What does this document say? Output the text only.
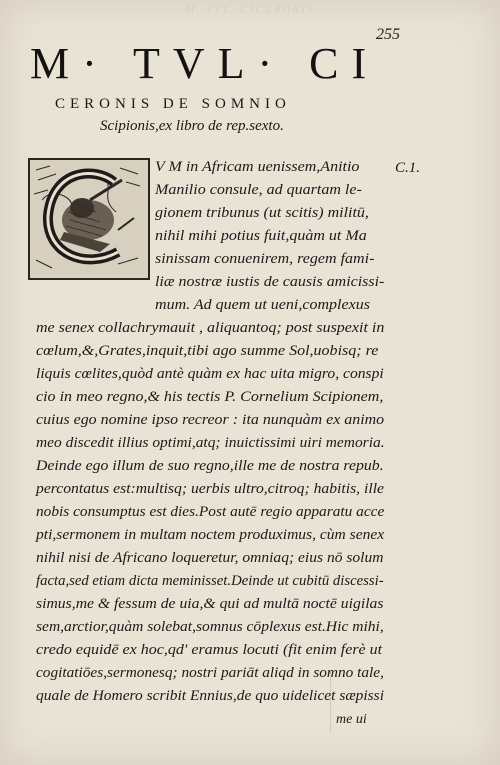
M. TVL. CICERONIS
255
M· TVL· CI
CERONIS DE SOMNIO
Scipionis,ex libro de rep.sexto.
C.1.
V M in Africam uenissem,Anitio
Manilio consule, ad quartam le-
gionem tribunus (ut scitis) militū,
nihil mihi potius fuit,quàm ut Ma
sinissam conuenirem, regem fami-
liæ nostræ iustis de causis amicissi-
mum. Ad quem ut ueni,complexus
me senex collachrymauit , aliquantoq; post suspexit in
cœlum,&,Grates,inquit,tibi ago summe Sol,uobisq; re
liquis cœlites,quòd antè quàm ex hac uita migro, conspi
cio in meo regno,& his tectis P. Cornelium Scipionem,
cuius ego nomine ipso recreor : ita nunquàm ex animo
meo discedit illius optimi,atq; inuictissimi uiri memoria.
Deinde ego illum de suo regno,ille me de nostra repub.
percontatus est:multisq; uerbis ultro,citroq; habitis, ille
nobis consumptus est dies.Post autē regio apparatu acce
pti,sermonem in multam noctem produximus, cùm senex
nihil nisi de Africano loqueretur, omniaq; eius nō solum
facta,sed etiam dicta meminisset.Deinde ut cubitū discessi-
simus,me & fessum de uia,& qui ad multā noctē uigilas
sem,arctior,quàm solebat,somnus cōplexus est.Hic mihi,
credo equidē ex hoc,qd' eramus locuti (fit enim ferè ut
cogitatiōes,sermonesq; nostri pariāt aliqd in somno tale,
quale de Homero scribit Ennius,de quo uidelicet sæpissi
me ui
